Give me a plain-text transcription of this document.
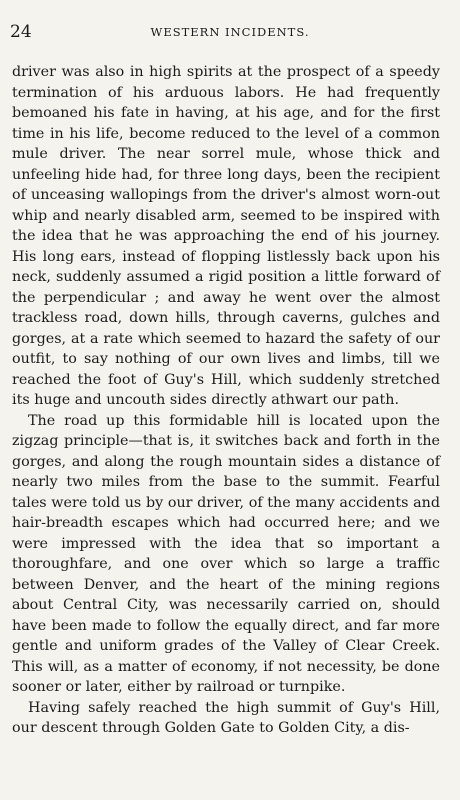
24	WESTERN INCIDENTS.

driver was also in high spirits at the prospect of a speedy termination of his arduous labors. He had frequently bemoaned his fate in having, at his age, and for the first time in his life, become reduced to the level of a common mule driver. The near sorrel mule, whose thick and unfeeling hide had, for three long days, been the recipient of unceasing wallopings from the driver's almost worn-out whip and nearly disabled arm, seemed to be inspired with the idea that he was approaching the end of his journey. His long ears, instead of flopping listlessly back upon his neck, suddenly assumed a rigid position a little forward of the perpendicular ; and away he went over the almost trackless road, down hills, through caverns, gulches and gorges, at a rate which seemed to hazard the safety of our outfit, to say nothing of our own lives and limbs, till we reached the foot of Guy's Hill, which suddenly stretched its huge and uncouth sides directly athwart our path.

The road up this formidable hill is located upon the zigzag principle—that is, it switches back and forth in the gorges, and along the rough mountain sides a distance of nearly two miles from the base to the summit. Fearful tales were told us by our driver, of the many accidents and hair-breadth escapes which had occurred here; and we were impressed with the idea that so important a thoroughfare, and one over which so large a traffic between Denver, and the heart of the mining regions about Central City, was necessarily carried on, should have been made to follow the equally direct, and far more gentle and uniform grades of the Valley of Clear Creek. This will, as a matter of economy, if not necessity, be done sooner or later, either by railroad or turnpike.

Having safely reached the high summit of Guy's Hill, our descent through Golden Gate to Golden City, a dis-
